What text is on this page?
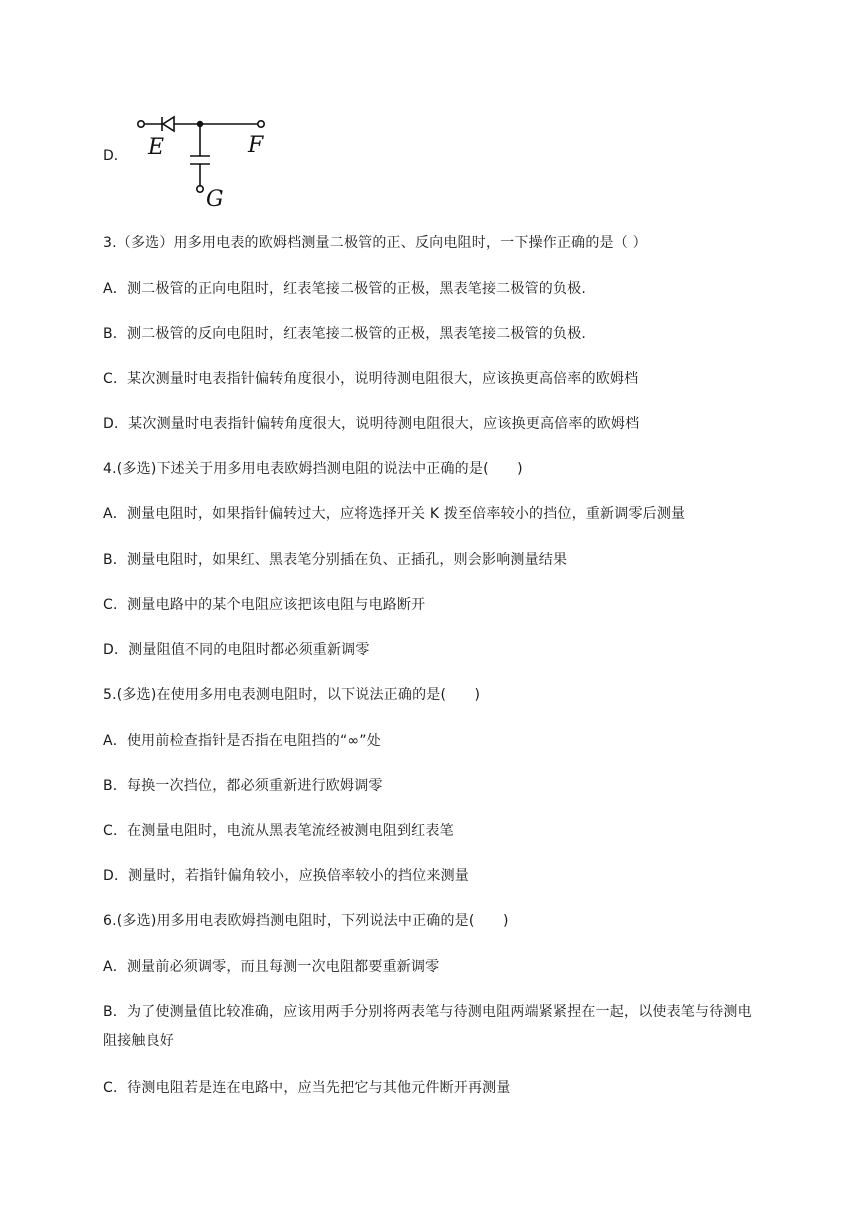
D． E	F
G
3.（多选）用多用电表的欧姆档测量二极管的正、反向电阻时，一下操作正确的是（ ）
A．测二极管的正向电阻时，红表笔接二极管的正极，黑表笔接二极管的负极.
B．测二极管的反向电阻时，红表笔接二极管的正极，黑表笔接二极管的负极.
C．某次测量时电表指针偏转角度很小，说明待测电阻很大，应该换更高倍率的欧姆档
D．某次测量时电表指针偏转角度很大，说明待测电阻很大，应该换更高倍率的欧姆档
4.(多选)下述关于用多用电表欧姆挡测电阻的说法中正确的是(　　)
A．测量电阻时，如果指针偏转过大，应将选择开关 K 拨至倍率较小的挡位，重新调零后测量
B．测量电阻时，如果红、黑表笔分别插在负、正插孔，则会影响测量结果
C．测量电路中的某个电阻应该把该电阻与电路断开
D．测量阻值不同的电阻时都必须重新调零
5.(多选)在使用多用电表测电阻时，以下说法正确的是(　　)
A．使用前检查指针是否指在电阻挡的“∞”处
B．每换一次挡位，都必须重新进行欧姆调零
C．在测量电阻时，电流从黑表笔流经被测电阻到红表笔
D．测量时，若指针偏角较小，应换倍率较小的挡位来测量
6.(多选)用多用电表欧姆挡测电阻时，下列说法中正确的是(　　)
A．测量前必须调零，而且每测一次电阻都要重新调零
B．为了使测量值比较准确，应该用两手分别将两表笔与待测电阻两端紧紧捏在一起，以使表笔与待测电阻接触良好
C．待测电阻若是连在电路中，应当先把它与其他元件断开再测量
